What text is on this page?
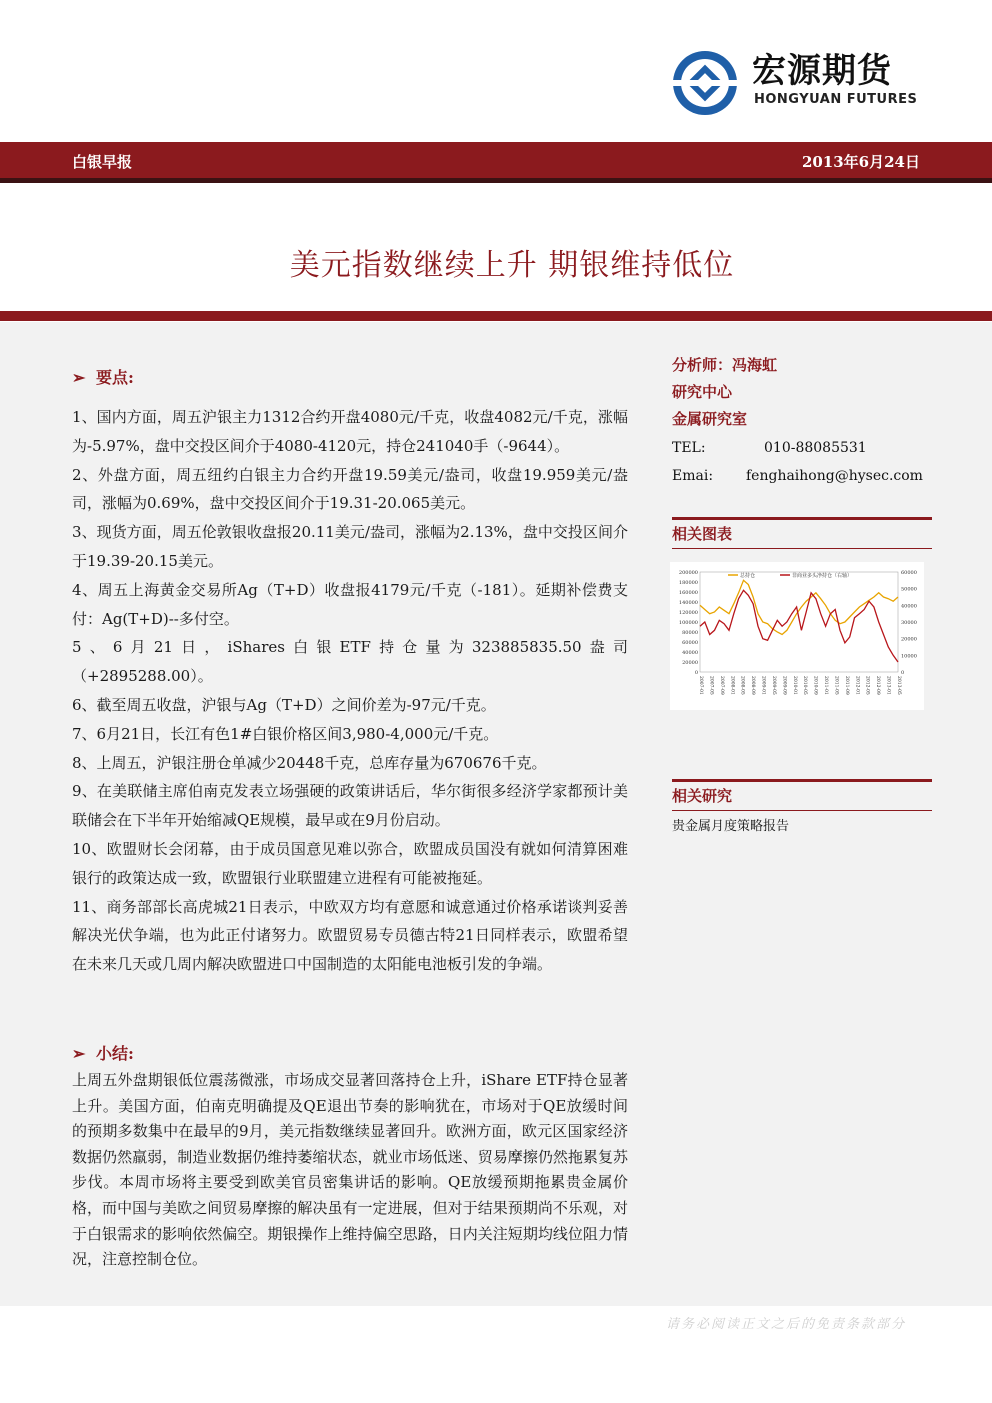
宏源期货
HONGYUAN FUTURES
白银早报	2013年6月24日
美元指数继续上升 期银维持低位
➢ 要点:

1、国内方面，周五沪银主力1312合约开盘4080元/千克，收盘4082元/千克，涨幅为-5.97%，盘中交投区间介于4080-4120元，持仓241040手（-9644）。

2、外盘方面，周五纽约白银主力合约开盘19.59美元/盎司，收盘19.959美元/盎司，涨幅为0.69%，盘中交投区间介于19.31-20.065美元。

3、现货方面，周五伦敦银收盘报20.11美元/盎司，涨幅为2.13%，盘中交投区间介于19.39-20.15美元。

4、周五上海黄金交易所Ag（T+D）收盘报4179元/千克（-181）。延期补偿费支付：Ag(T+D)--多付空。

5、6月21日，iShares白银ETF持仓量为323885835.50盎司（+2895288.00）。

6、截至周五收盘，沪银与Ag（T+D）之间价差为-97元/千克。

7、6月21日，长江有色1#白银价格区间3,980-4,000元/千克。

8、上周五，沪银注册仓单减少20448千克，总库存量为670676千克。

9、在美联储主席伯南克发表立场强硬的政策讲话后，华尔街很多经济学家都预计美联储会在下半年开始缩减QE规模，最早或在9月份启动。

10、欧盟财长会闭幕，由于成员国意见难以弥合，欧盟成员国没有就如何清算困难银行的政策达成一致，欧盟银行业联盟建立进程有可能被拖延。

11、商务部部长高虎城21日表示，中欧双方均有意愿和诚意通过价格承诺谈判妥善解决光伏争端，也为此正付诸努力。欧盟贸易专员德古特21日同样表示，欧盟希望在未来几天或几周内解决欧盟进口中国制造的太阳能电池板引发的争端。

➢ 小结:

上周五外盘期银低位震荡微涨，市场成交显著回落持仓上升，iShare ETF持仓显著上升。美国方面，伯南克明确提及QE退出节奏的影响犹在，市场对于QE放缓时间的预期多数集中在最早的9月，美元指数继续显著回升。欧洲方面，欧元区国家经济数据仍然羸弱，制造业数据仍维持萎缩状态，就业市场低迷、贸易摩擦仍然拖累复苏步伐。本周市场将主要受到欧美官员密集讲话的影响。QE放缓预期拖累贵金属价格，而中国与美欧之间贸易摩擦的解决虽有一定进展，但对于结果预期尚不乐观，对于白银需求的影响依然偏空。期银操作上维持偏空思路，日内关注短期均线位阻力情况，注意控制仓位。

分析师：冯海虹
研究中心
金属研究室
TEL:	010-88085531
Emai: fenghaihong@hysec.com
相关图表
200000
180000
160000
140000
120000
100000
80000
60000
40000
20000
0
60000
50000
40000
30000
20000
10000
0
2007-01 2007-05 2007-09 2008-01 2008-05 2008-09 2009-01 2009-05 2009-09 2010-01 2010-05 2010-09 2011-01 2011-05 2011-09 2012-01 2012-05 2012-09 2013-01 2013-05
总持仓	非商业多头净持仓（右轴）
相关研究
贵金属月度策略报告
请务必阅读正文之后的免责条款部分
